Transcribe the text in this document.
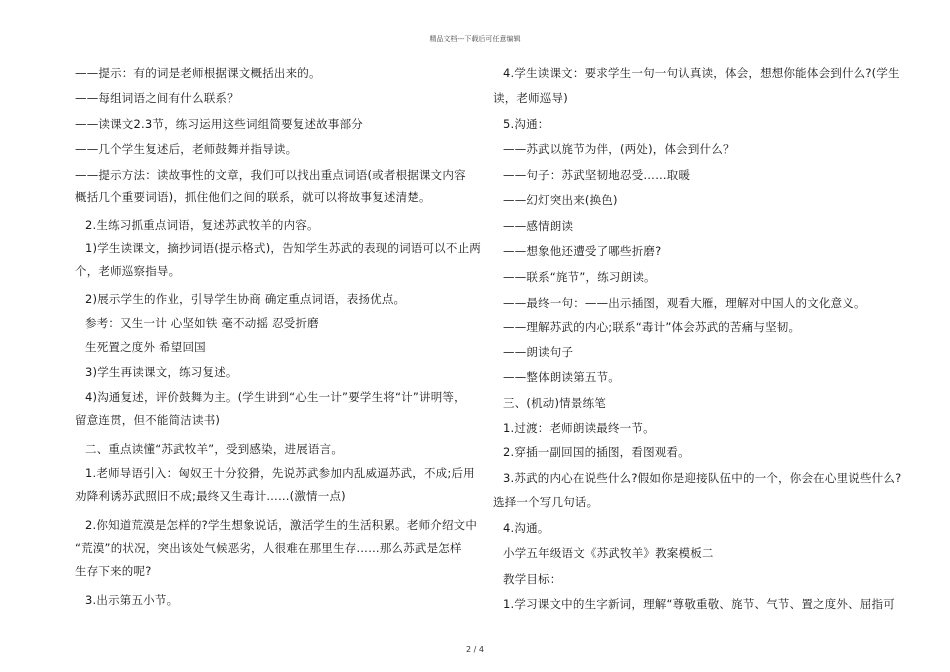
精品文档---下载后可任意编辑
——提示：有的词是老师根据课文概括出来的。
——每组词语之间有什么联系？
——读课文2.3节，练习运用这些词组简要复述故事部分
——几个学生复述后，老师鼓舞并指导读。
——提示方法：读故事性的文章，我们可以找出重点词语(或者根据课文内容
概括几个重要词语)，抓住他们之间的联系，就可以将故事复述清楚。
2.生练习抓重点词语，复述苏武牧羊的内容。
1)学生读课文，摘抄词语(提示格式)，告知学生苏武的表现的词语可以不止两
个，老师巡察指导。
2)展示学生的作业，引导学生协商 确定重点词语，表扬优点。
参考：又生一计 心坚如铁 毫不动摇 忍受折磨
生死置之度外 希望回国
3)学生再读课文，练习复述。
4)沟通复述，评价鼓舞为主。(学生讲到“心生一计”要学生将“计”讲明等，
留意连贯，但不能简洁读书)
二、重点读懂“苏武牧羊”，受到感染，进展语言。
1.老师导语引入：匈奴王十分狡猾，先说苏武参加内乱威逼苏武，不成;后用
劝降利诱苏武照旧不成;最终又生毒计……(激情一点)
2.你知道荒漠是怎样的?学生想象说话，激活学生的生活积累。老师介绍文中
“荒漠”的状况，突出该处气候恶劣，人很难在那里生存……那么苏武是怎样
生存下来的呢?
3.出示第五小节。
4.学生读课文：要求学生一句一句认真读，体会，想想你能体会到什么?(学生
读，老师巡导)
5.沟通：
——苏武以旄节为伴，(两处)，体会到什么？
——句子：苏武坚韧地忍受……取暖
——幻灯突出来(换色)
——感情朗读
——想象他还遭受了哪些折磨?
——联系“旄节”，练习朗读。
——最终一句：——出示插图，观看大雁，理解对中国人的文化意义。
——理解苏武的内心;联系“毒计”体会苏武的苦痛与坚韧。
——朗读句子
——整体朗读第五节。
三、(机动)情景练笔
1.过渡：老师朗读最终一节。
2.穿插一副回国的插图，看图观看。
3.苏武的内心在说些什么?假如你是迎接队伍中的一个，你会在心里说些什么?
选择一个写几句话。
4.沟通。
小学五年级语文《苏武牧羊》教案模板二
教学目标：
1.学习课文中的生字新词，理解“尊敬重敬、旄节、气节、置之度外、屈指可
2 / 4
